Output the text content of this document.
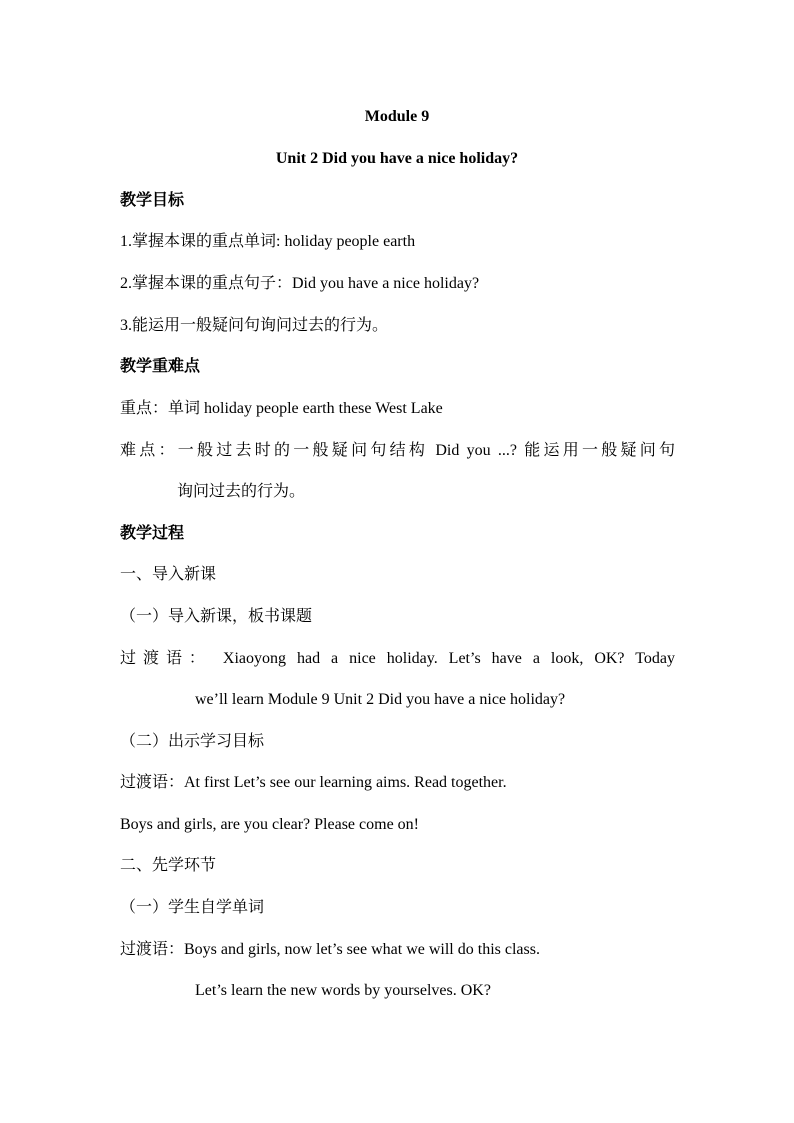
Module 9
Unit 2 Did you have a nice holiday?
教学目标
1.掌握本课的重点单词: holiday people earth
2.掌握本课的重点句子：Did you have a nice holiday?
3.能运用一般疑问句询问过去的行为。
教学重难点
重点：单词 holiday people earth these West Lake
难点：一般过去时的一般疑问句结构 Did you ...? 能运用一般疑问句
询问过去的行为。
教学过程
一、导入新课
（一）导入新课，板书课题
过渡语： Xiaoyong had a nice holiday. Let’s have a look, OK? Today
we’ll learn Module 9 Unit 2 Did you have a nice holiday?
（二）出示学习目标
过渡语：At first Let’s see our learning aims. Read together.
Boys and girls, are you clear? Please come on!
二、先学环节
（一）学生自学单词
过渡语：Boys and girls, now let’s see what we will do this class.
Let’s learn the new words by yourselves. OK?
